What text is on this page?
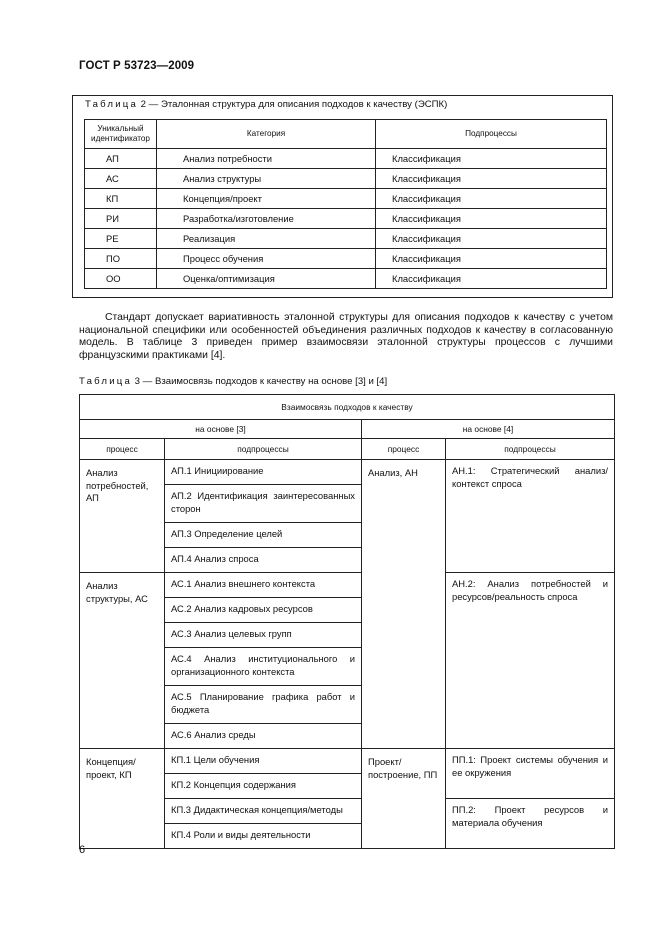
ГОСТ Р 53723—2009
Таблица 2 — Эталонная структура для описания подходов к качеству (ЭСПК)
Уникальный идентификатор	Категория	Подпроцессы
АП	Анализ потребности	Классификация
АС	Анализ структуры	Классификация
КП	Концепция/проект	Классификация
РИ	Разработка/изготовление	Классификация
РЕ	Реализация	Классификация
ПО	Процесс обучения	Классификация
ОО	Оценка/оптимизация	Классификация

Стандарт допускает вариативность эталонной структуры для описания подходов к качеству с учетом национальной специфики или особенностей объединения различных подходов к качеству в согласованную модель. В таблице 3 приведен пример взаимосвязи эталонной структуры процессов с лучшими французскими практиками [4].

Таблица 3 — Взаимосвязь подходов к качеству на основе [3] и [4]
Взаимосвязь подходов к качеству			
на основе [3]		на основе [4]	
процесс	подпроцессы	процесс	подпроцессы
Анализ потребностей, АП	АП.1 Инициирование	Анализ, АН	АН.1: Стратегический анализ/ контекст спроса
	АП.2 Идентификация заинтересованных сторон		
	АП.3 Определение целей		
	АП.4 Анализ спроса		
Анализ структуры, АС	АС.1 Анализ внешнего контекста		АН.2: Анализ потребностей и ресурсов/реальность спроса
	АС.2 Анализ кадровых ресурсов		
	АС.3 Анализ целевых групп		
	АС.4 Анализ институционального и организационного контекста		
	АС.5 Планирование графика работ и бюджета		
	АС.6 Анализ среды		
Концепция/ проект, КП	КП.1 Цели обучения	Проект/ построение, ПП	ПП.1: Проект системы обучения и ее окружения
	КП.2 Концепция содержания		
	КП.3 Дидактическая концепция/методы		ПП.2: Проект ресурсов и материала обучения
	КП.4 Роли и виды деятельности		
6
